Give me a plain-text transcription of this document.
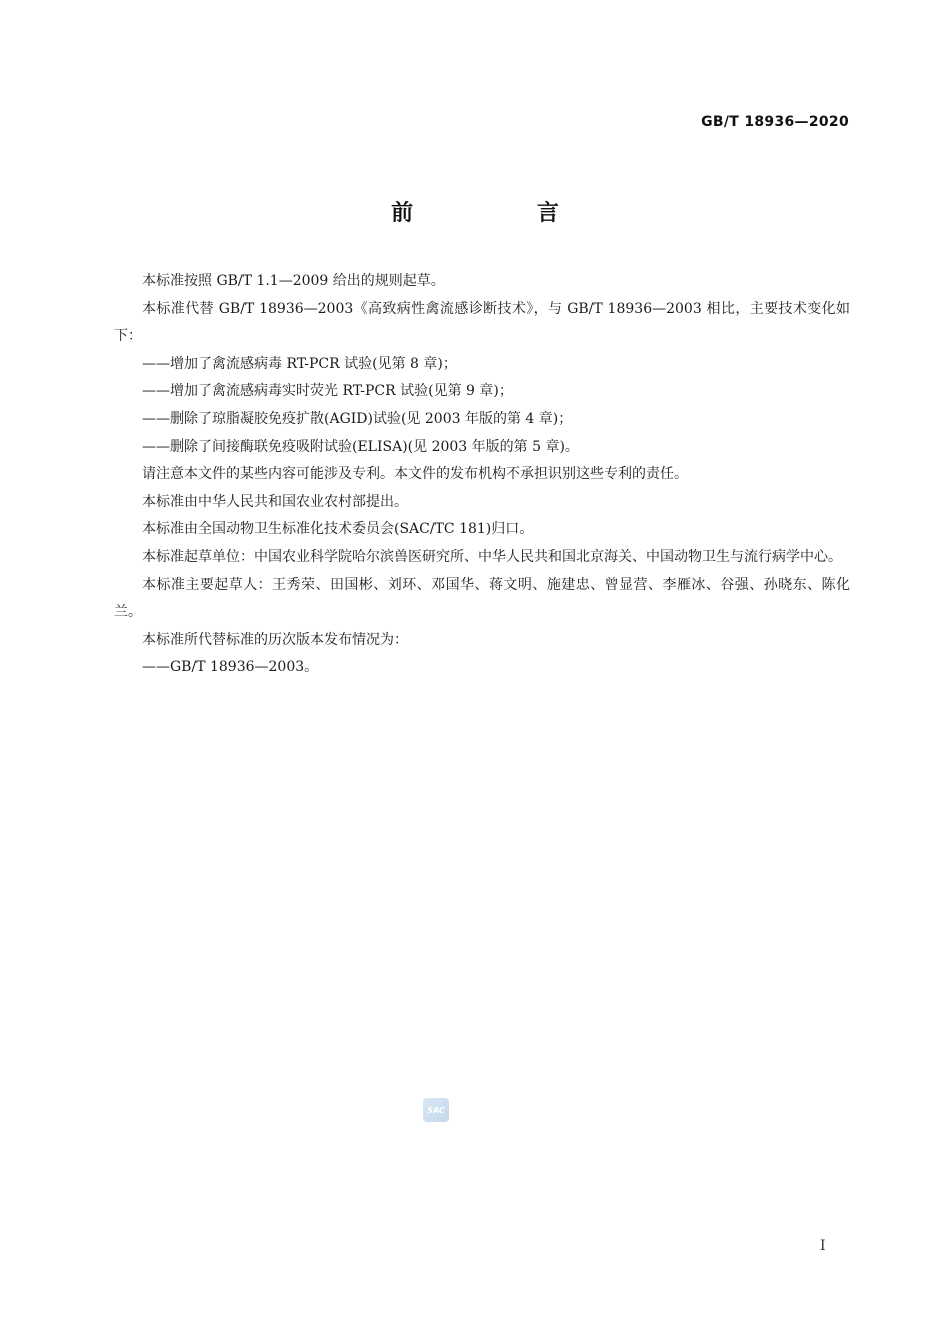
GB/T 18936—2020
前 言

本标准按照 GB/T 1.1—2009 给出的规则起草。

本标准代替 GB/T 18936—2003《高致病性禽流感诊断技术》，与 GB/T 18936—2003 相比，主要技术变化如下：

——增加了禽流感病毒 RT-PCR 试验(见第 8 章)；

——增加了禽流感病毒实时荧光 RT-PCR 试验(见第 9 章)；

——删除了琼脂凝胶免疫扩散(AGID)试验(见 2003 年版的第 4 章)；

——删除了间接酶联免疫吸附试验(ELISA)(见 2003 年版的第 5 章)。

请注意本文件的某些内容可能涉及专利。本文件的发布机构不承担识别这些专利的责任。

本标准由中华人民共和国农业农村部提出。

本标准由全国动物卫生标准化技术委员会(SAC/TC 181)归口。

本标准起草单位：中国农业科学院哈尔滨兽医研究所、中华人民共和国北京海关、中国动物卫生与流行病学中心。

本标准主要起草人：王秀荣、田国彬、刘环、邓国华、蒋文明、施建忠、曾显营、李雁冰、谷强、孙晓东、陈化兰。

本标准所代替标准的历次版本发布情况为：

——GB/T 18936—2003。

SAC
I
